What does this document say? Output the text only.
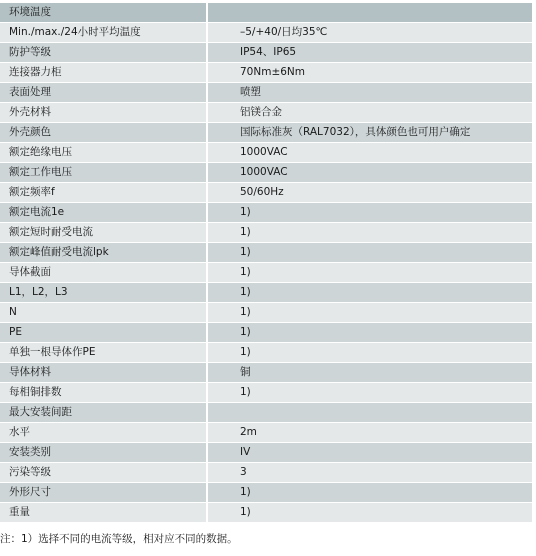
环境温度	
Min./max./24小时平均温度	–5/+40/日均35℃
防护等级	IP54、IP65
连接器力柜	70Nm±6Nm
表面处理	喷塑
外壳材料	铝镁合金
外壳颜色	国际标准灰（RAL7032），具体颜色也可用户确定
额定绝缘电压	1000VAC
额定工作电压	1000VAC
额定频率f	50/60Hz
额定电流1e	1)
额定短时耐受电流	1)
额定峰值耐受电流lpk	1)
导体截面	1)
L1，L2，L3	1)
N	1)
PE	1)
单独一根导体作PE	1)
导体材料	铜
每相铜排数	1)
最大安装间距	
水平	2m
安装类别	IV
污染等级	3
外形尺寸	1)
重量	1)
注：1）选择不同的电流等级，相对应不同的数据。
